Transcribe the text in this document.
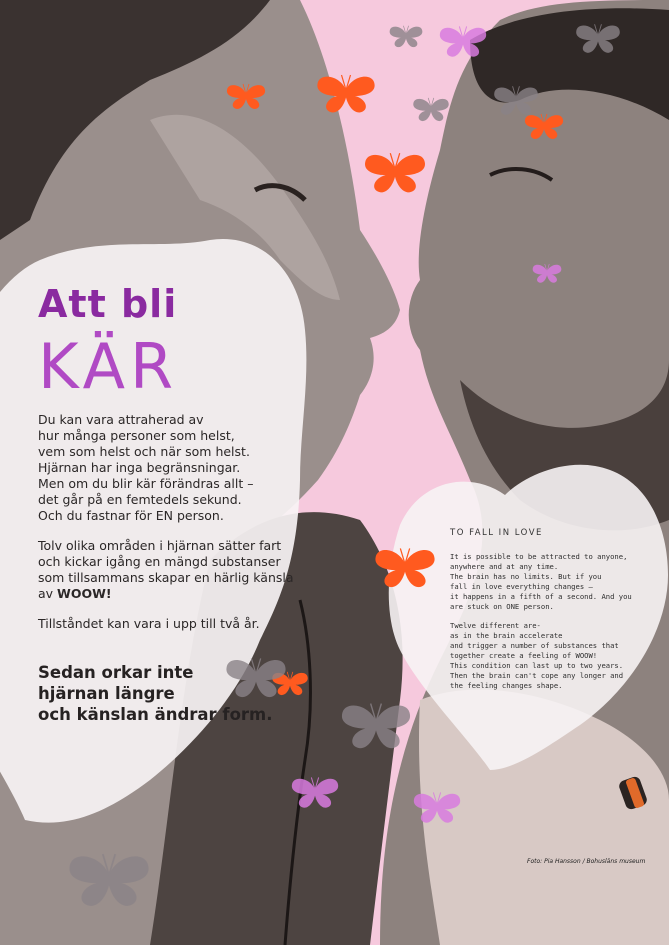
Att bli
KÄR

Du kan vara attraherad av
hur många personer som helst,
vem som helst och när som helst.
Hjärnan har inga begränsningar.
Men om du blir kär förändras allt –
det går på en femtedels sekund.
Och du fastnar för EN person.

Tolv olika områden i hjärnan sätter fart
och kickar igång en mängd substanser
som tillsammans skapar en härlig känsla
av WOOW!

Tillståndet kan vara i upp till två år.

Sedan orkar inte
hjärnan längre
och känslan ändrar form.
TO FALL IN LOVE

It is possible to be attracted to anyone,
anywhere and at any time.
The brain has no limits. But if you
fall in love everything changes –
it happens in a fifth of a second. And you
are stuck on ONE person.

Twelve different are-
as in the brain accelerate
and trigger a number of substances that
together create a feeling of WOOW!
This condition can last up to two years.
Then the brain can't cope any longer and
the feeling changes shape.

Foto: Pia Hansson / Bohusläns museum
